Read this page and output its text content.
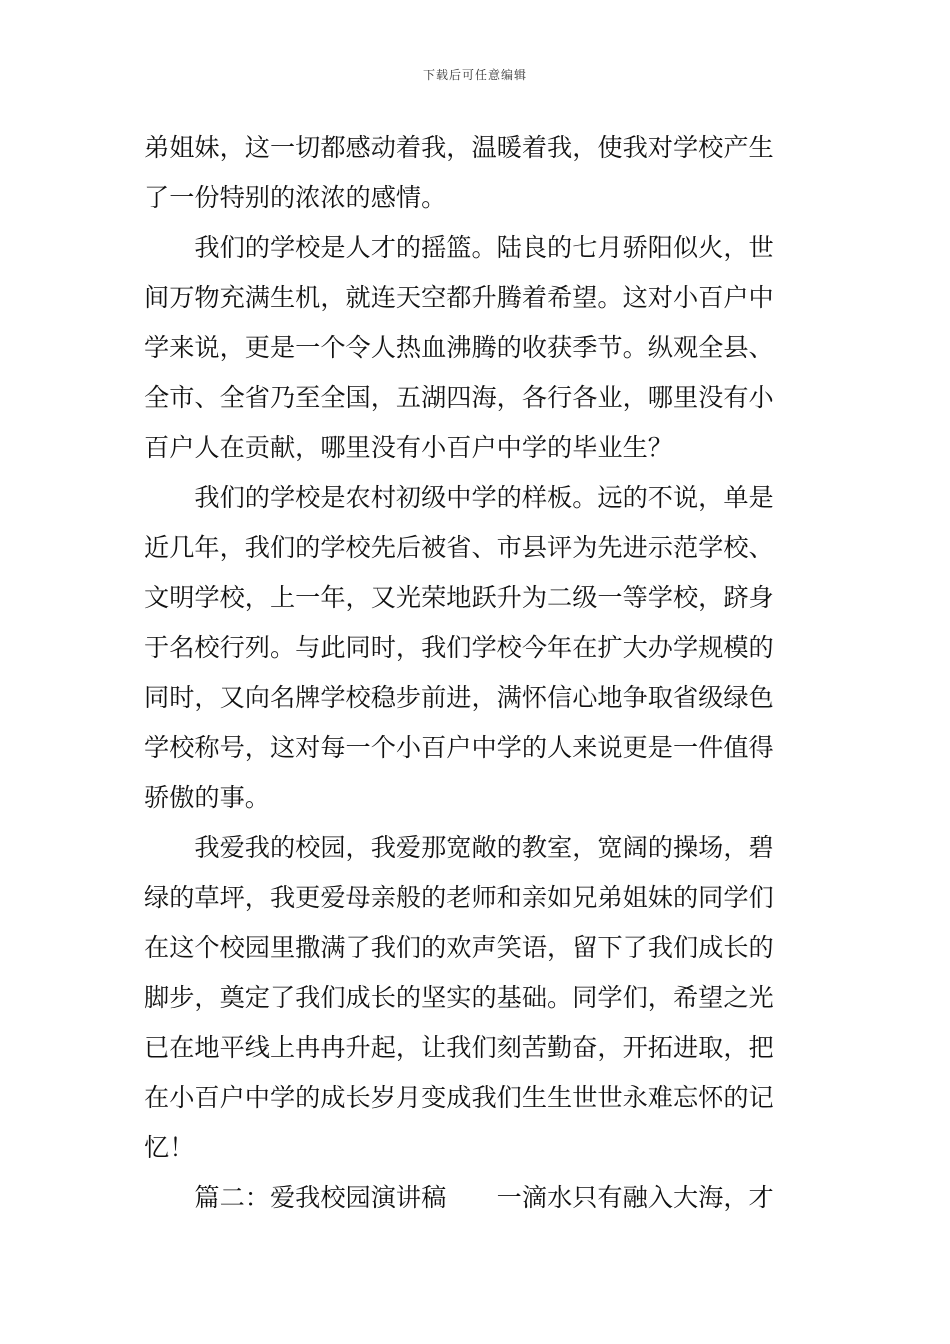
下载后可任意编辑
弟姐妹，这一切都感动着我，温暖着我，使我对学校产生
了一份特别的浓浓的感情。
　　我们的学校是人才的摇篮。陆良的七月骄阳似火，世
间万物充满生机，就连天空都升腾着希望。这对小百户中
学来说，更是一个令人热血沸腾的收获季节。纵观全县、
全市、全省乃至全国，五湖四海，各行各业，哪里没有小
百户人在贡献，哪里没有小百户中学的毕业生？
　　我们的学校是农村初级中学的样板。远的不说，单是
近几年，我们的学校先后被省、市县评为先进示范学校、
文明学校，上一年，又光荣地跃升为二级一等学校，跻身
于名校行列。与此同时，我们学校今年在扩大办学规模的
同时，又向名牌学校稳步前进，满怀信心地争取省级绿色
学校称号，这对每一个小百户中学的人来说更是一件值得
骄傲的事。
　　我爱我的校园，我爱那宽敞的教室，宽阔的操场，碧
绿的草坪，我更爱母亲般的老师和亲如兄弟姐妹的同学们
在这个校园里撒满了我们的欢声笑语，留下了我们成长的
脚步，奠定了我们成长的坚实的基础。同学们，希望之光
已在地平线上冉冉升起，让我们刻苦勤奋，开拓进取，把
在小百户中学的成长岁月变成我们生生世世永难忘怀的记
忆！
　　篇二：爱我校园演讲稿　　一滴水只有融入大海，才
